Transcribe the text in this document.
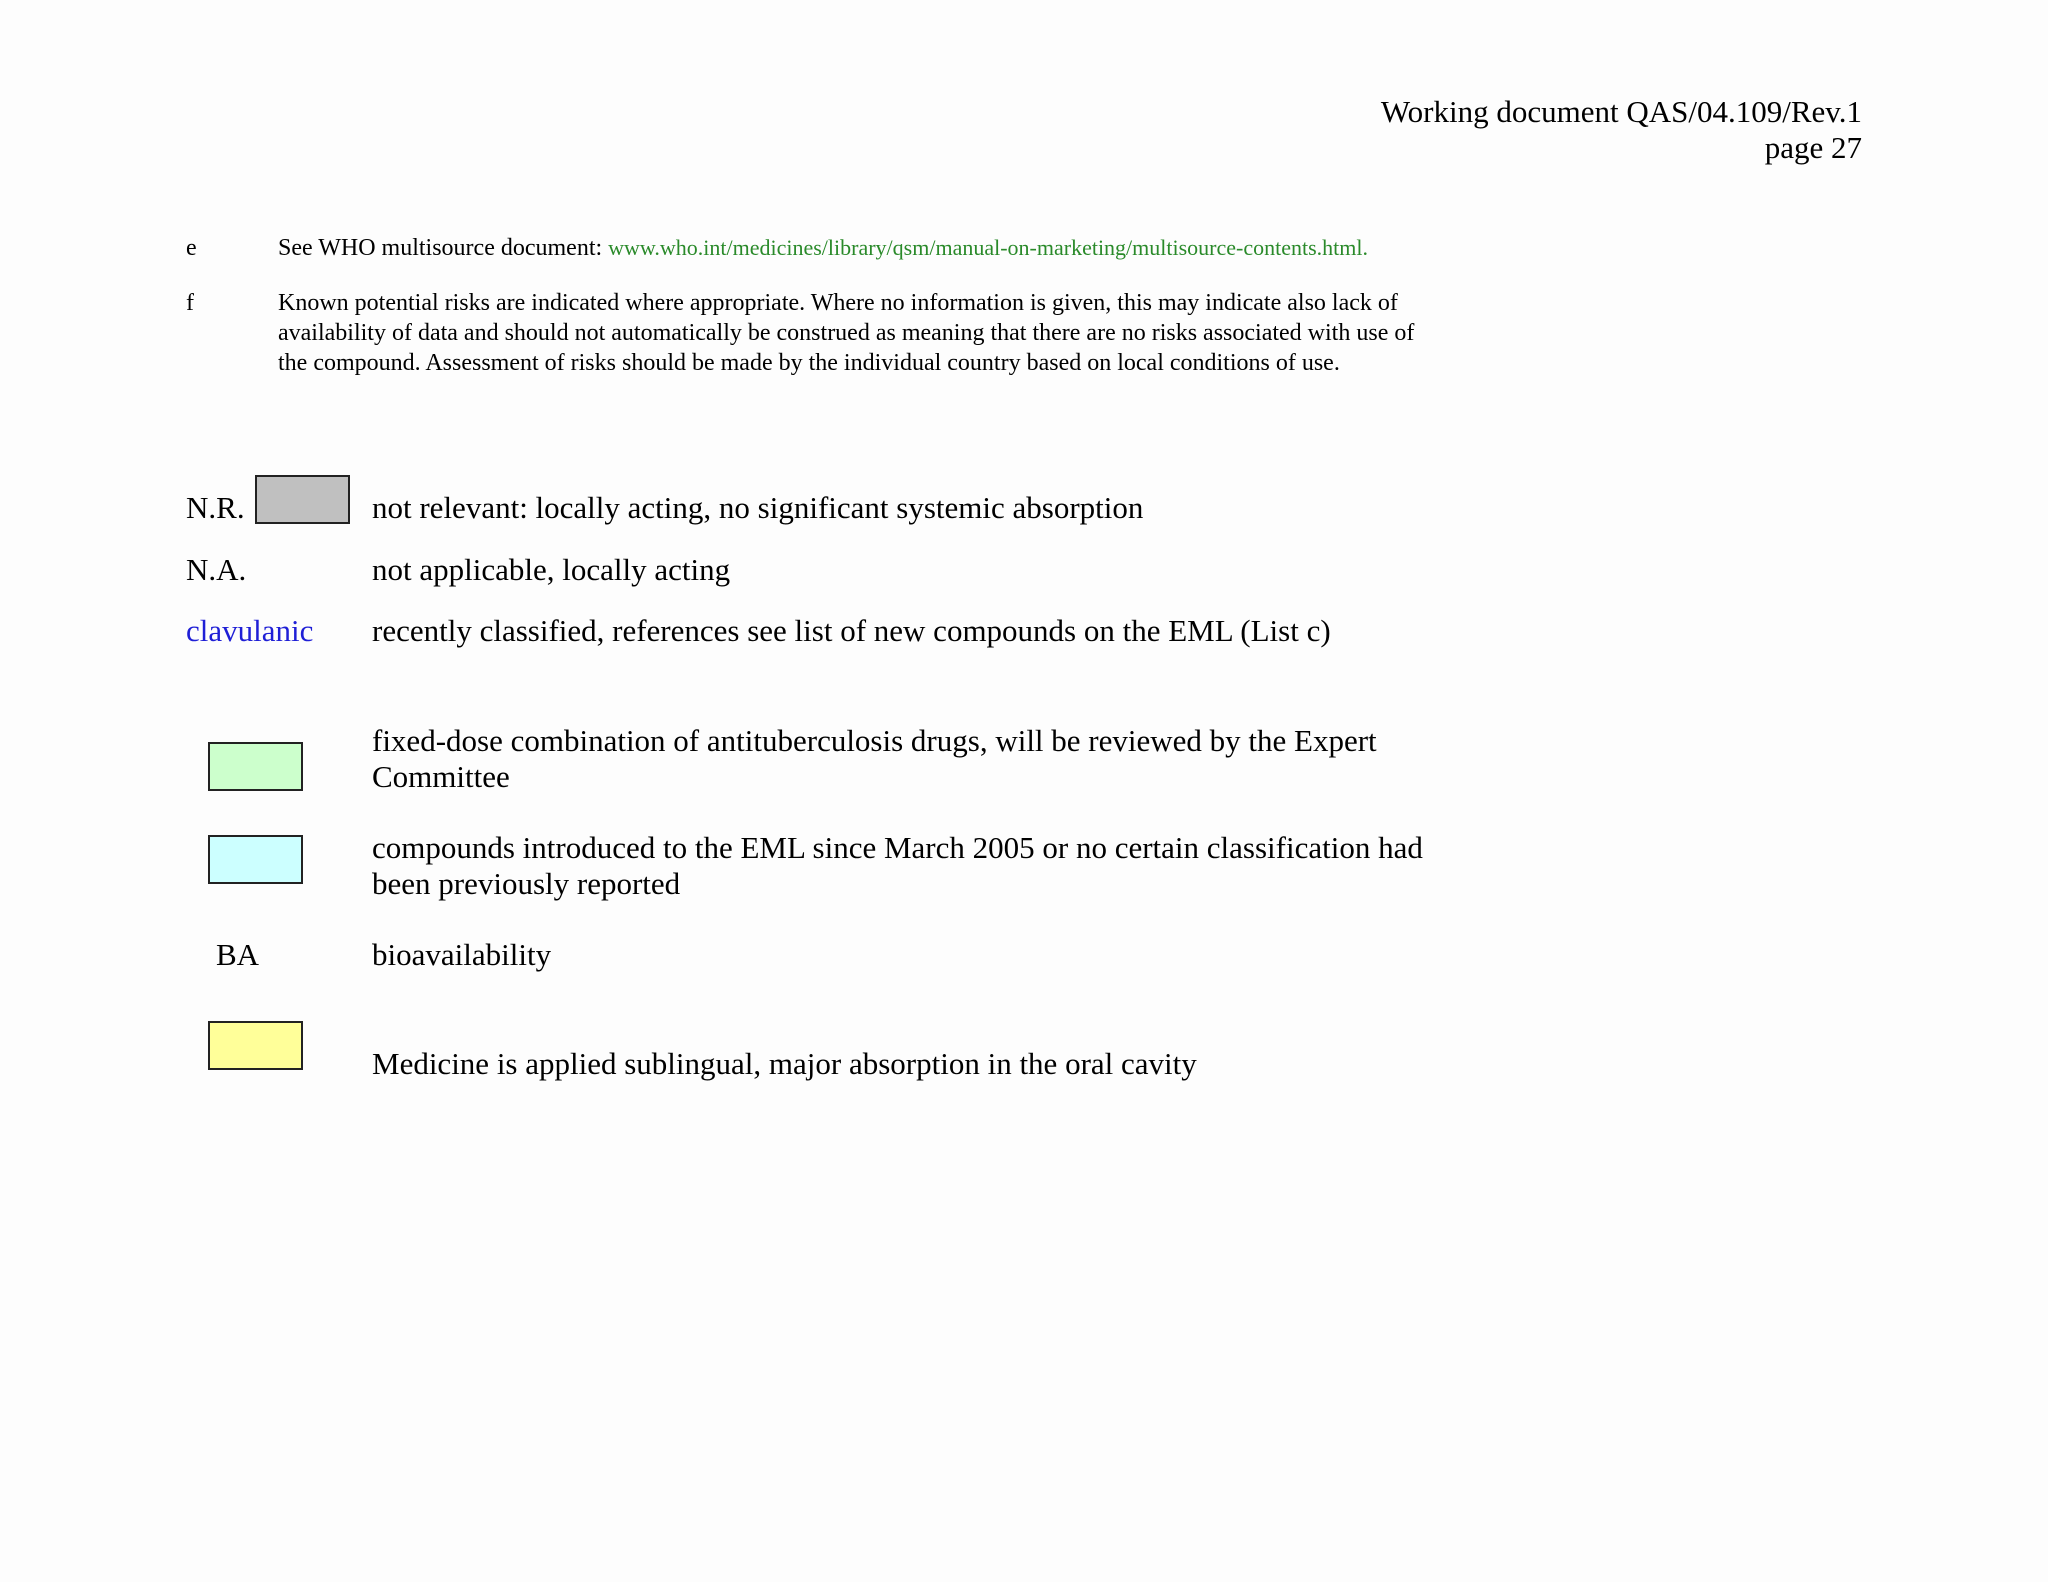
Working document QAS/04.109/Rev.1
page 27
e	See WHO multisource document: www.who.int/medicines/library/qsm/manual-on-marketing/multisource-contents.html.
f	Known potential risks are indicated where appropriate. Where no information is given, this may indicate also lack of availability of data and should not automatically be construed as meaning that there are no risks associated with use of the compound. Assessment of risks should be made by the individual country based on local conditions of use.
N.R.	not relevant: locally acting, no significant systemic absorption
N.A.	not applicable, locally acting
clavulanic recently classified, references see list of new compounds on the EML (List c)
fixed-dose combination of antituberculosis drugs, will be reviewed by the Expert Committee
compounds introduced to the EML since March 2005 or no certain classification had been previously reported
BA	bioavailability
Medicine is applied sublingual, major absorption in the oral cavity
